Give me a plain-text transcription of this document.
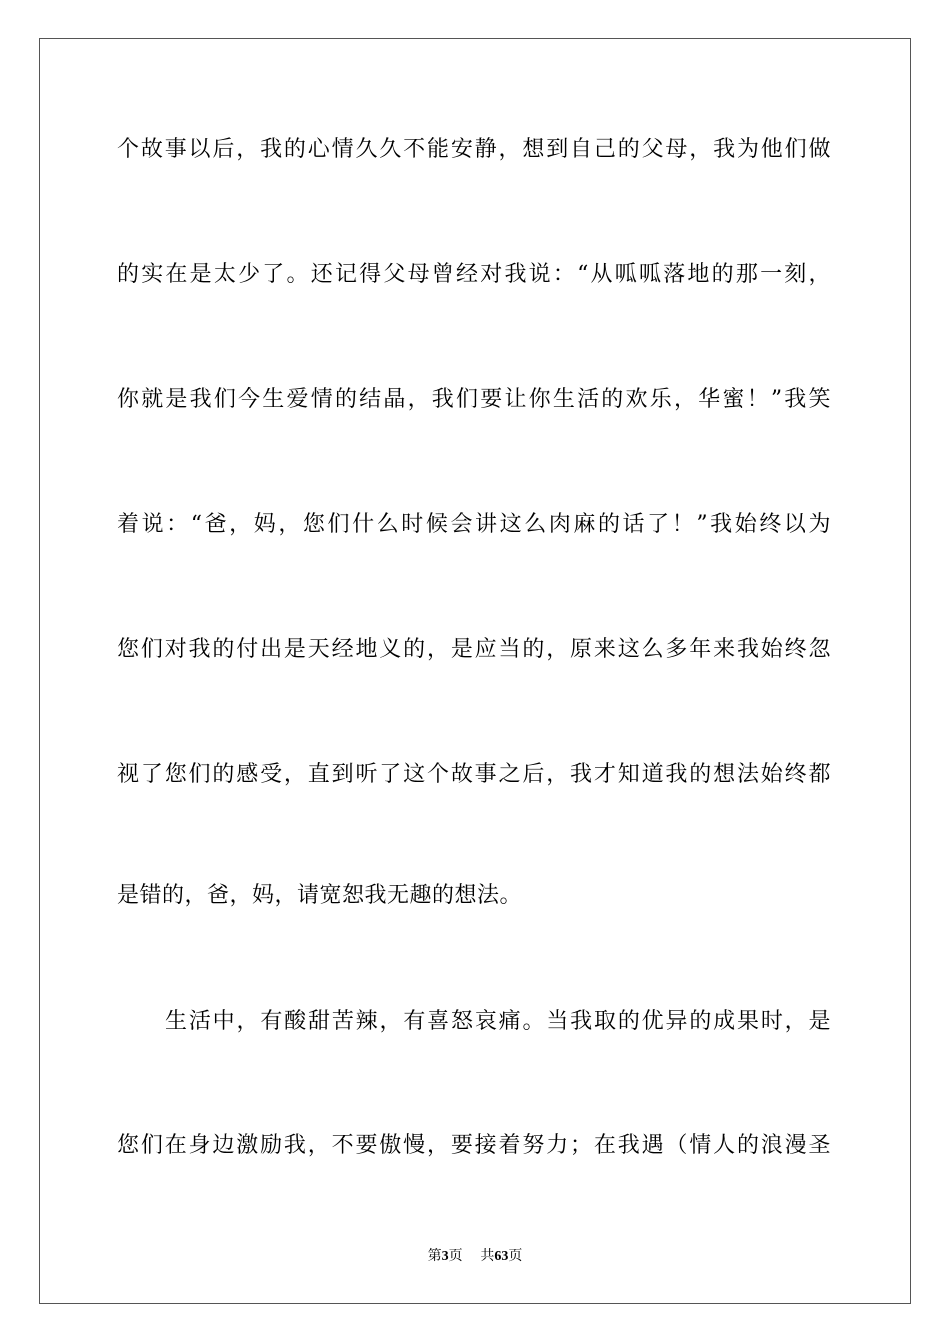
个故事以后，我的心情久久不能安静，想到自己的父母，我为他们做
的实在是太少了。还记得父母曾经对我说：“从呱呱落地的那一刻，
你就是我们今生爱情的结晶，我们要让你生活的欢乐，华蜜！”我笑
着说：“爸，妈，您们什么时候会讲这么肉麻的话了！”我始终以为
您们对我的付出是天经地义的，是应当的，原来这么多年来我始终忽
视了您们的感受，直到听了这个故事之后，我才知道我的想法始终都
是错的，爸，妈，请宽恕我无趣的想法。
生活中，有酸甜苦辣，有喜怒哀痛。当我取的优异的成果时，是
您们在身边激励我，不要傲慢，要接着努力；在我遇（情人的浪漫圣
第3页 共63页
